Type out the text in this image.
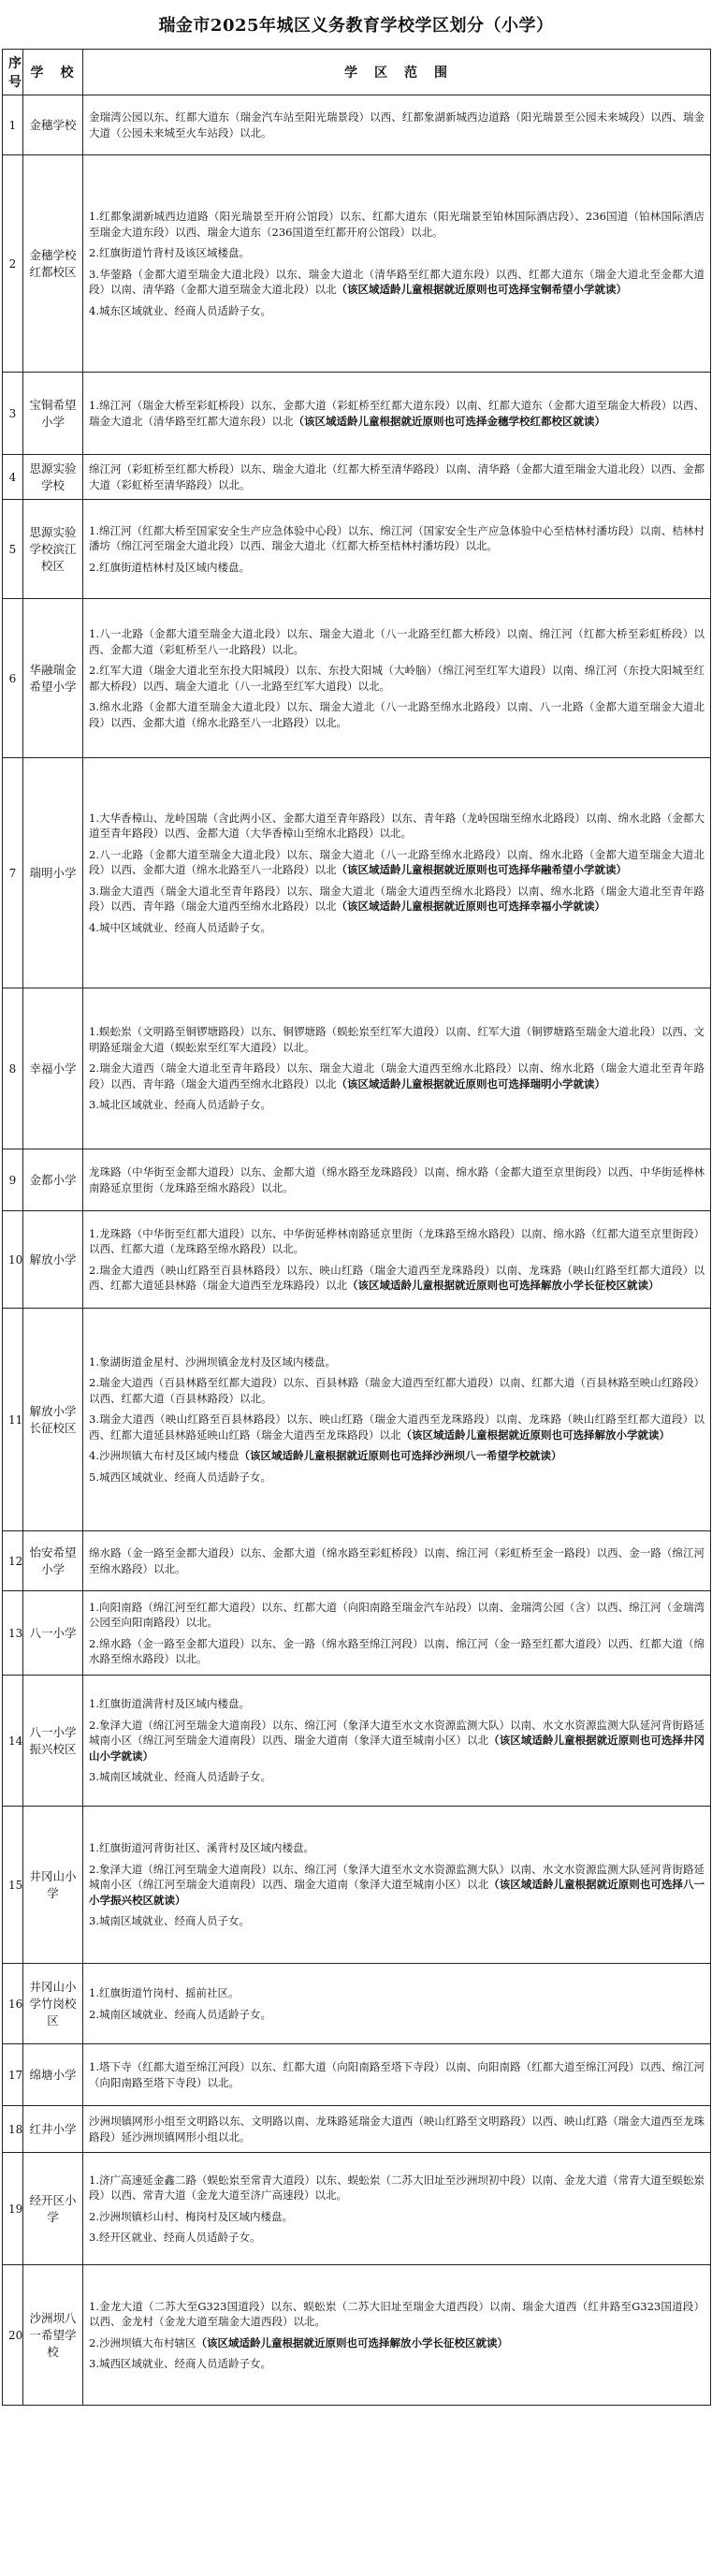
瑞金市2025年城区义务教育学校学区划分（小学）
序号	学　校	学　区　范　围
1	金穗学校	金瑞湾公园以东、红都大道东（瑞金汽车站至阳光瑞景段）以西、红都象湖新城西边道路（阳光瑞景至公园未来城段）以西、瑞金大道（公园未来城至火车站段）以北。

2	金穗学校红都校区	1.红都象湖新城西边道路（阳光瑞景至开府公馆段）以东、红都大道东（阳光瑞景至铂林国际酒店段）、236国道（铂林国际酒店至瑞金大道东段）以西、瑞金大道东（236国道至红都开府公馆段）以北。

2.红旗街道竹背村及该区域楼盘。

3.华蓥路（金都大道至瑞金大道北段）以东、瑞金大道北（清华路至红都大道东段）以西、红都大道东（瑞金大道北至金都大道段）以南、清华路（金都大道至瑞金大道北段）以北（该区域适龄儿童根据就近原则也可选择宝铜希望小学就读）

4.城东区域就业、经商人员适龄子女。

3	宝铜希望小学	1.绵江河（瑞金大桥至彩虹桥段）以东、金都大道（彩虹桥至红都大道东段）以南、红都大道东（金都大道至瑞金大桥段）以西、瑞金大道北（清华路至红都大道东段）以北（该区域适龄儿童根据就近原则也可选择金穗学校红都校区就读）

4	思源实验学校	绵江河（彩虹桥至红都大桥段）以东、瑞金大道北（红都大桥至清华路段）以南、清华路（金都大道至瑞金大道北段）以西、金都大道（彩虹桥至清华路段）以北。

5	思源实验学校滨江校区	1.绵江河（红都大桥至国家安全生产应急体验中心段）以东、绵江河（国家安全生产应急体验中心至桔林村潘坊段）以南、桔林村潘坊（绵江河至瑞金大道北段）以西、瑞金大道北（红都大桥至桔林村潘坊段）以北。

2.红旗街道桔林村及区域内楼盘。

6	华融瑞金希望小学	1.八一北路（金都大道至瑞金大道北段）以东、瑞金大道北（八一北路至红都大桥段）以南、绵江河（红都大桥至彩虹桥段）以西、金都大道（彩虹桥至八一北路段）以北。

2.红军大道（瑞金大道北至东投大阳城段）以东、东投大阳城（大岭脑）（绵江河至红军大道段）以南、绵江河（东投大阳城至红都大桥段）以西、瑞金大道北（八一北路至红军大道段）以北。

3.绵水北路（金都大道至瑞金大道北段）以东、瑞金大道北（八一北路至绵水北路段）以南、八一北路（金都大道至瑞金大道北段）以西、金都大道（绵水北路至八一北路段）以北。

7	瑞明小学	1.大华香樟山、龙岭国瑞（含此两小区、金都大道至青年路段）以东、青年路（龙岭国瑞至绵水北路段）以南、绵水北路（金都大道至青年路段）以西、金都大道（大华香樟山至绵水北路段）以北。

2.八一北路（金都大道至瑞金大道北段）以东、瑞金大道北（八一北路至绵水北路段）以南、绵水北路（金都大道至瑞金大道北段）以西、金都大道（绵水北路至八一北路段）以北（该区域适龄儿童根据就近原则也可选择华融希望小学就读）

3.瑞金大道西（瑞金大道北至青年路段）以东、瑞金大道北（瑞金大道西至绵水北路段）以南、绵水北路（瑞金大道北至青年路段）以西、青年路（瑞金大道西至绵水北路段）以北（该区域适龄儿童根据就近原则也可选择幸福小学就读）

4.城中区域就业、经商人员适龄子女。

8	幸福小学	1.蜈蚣岽（文明路至铜锣塘路段）以东、铜锣塘路（蜈蚣岽至红军大道段）以南、红军大道（铜锣塘路至瑞金大道北段）以西、文明路延瑞金大道（蜈蚣岽至红军大道段）以北。

2.瑞金大道西（瑞金大道北至青年路段）以东、瑞金大道北（瑞金大道西至绵水北路段）以南、绵水北路（瑞金大道北至青年路段）以西、青年路（瑞金大道西至绵水北路段）以北（该区域适龄儿童根据就近原则也可选择瑞明小学就读）

3.城北区域就业、经商人员适龄子女。

9	金都小学	龙珠路（中华街至金都大道段）以东、金都大道（绵水路至龙珠路段）以南、绵水路（金都大道至京里街段）以西、中华街延桦林南路延京里街（龙珠路至绵水路段）以北。

10	解放小学	1.龙珠路（中华街至红都大道段）以东、中华街延桦林南路延京里街（龙珠路至绵水路段）以南、绵水路（红都大道至京里街段）以西、红都大道（龙珠路至绵水路段）以北。

2.瑞金大道西（映山红路至百县林路段）以东、映山红路（瑞金大道西至龙珠路段）以南、龙珠路（映山红路至红都大道段）以西、红都大道延县林路（瑞金大道西至龙珠路段）以北（该区域适龄儿童根据就近原则也可选择解放小学长征校区就读）

11	解放小学长征校区	1.象湖街道金星村、沙洲坝镇金龙村及区域内楼盘。

2.瑞金大道西（百县林路至红都大道段）以东、百县林路（瑞金大道西至红都大道段）以南、红都大道（百县林路至映山红路段）以西、红都大道（百县林路段）以北。

3.瑞金大道西（映山红路至百县林路段）以东、映山红路（瑞金大道西至龙珠路段）以南、龙珠路（映山红路至红都大道段）以西、红都大道延县林路延映山红路（瑞金大道西至龙珠路段）以北（该区域适龄儿童根据就近原则也可选择解放小学就读）

4.沙洲坝镇大布村及区域内楼盘（该区域适龄儿童根据就近原则也可选择沙洲坝八一希望学校就读）

5.城西区域就业、经商人员适龄子女。

12	怡安希望小学	绵水路（金一路至金都大道段）以东、金都大道（绵水路至彩虹桥段）以南、绵江河（彩虹桥至金一路段）以西、金一路（绵江河至绵水路段）以北。

13	八一小学	1.向阳南路（绵江河至红都大道段）以东、红都大道（向阳南路至瑞金汽车站段）以南、金瑞湾公园（含）以西、绵江河（金瑞湾公园至向阳南路段）以北。

2.绵水路（金一路至金都大道段）以东、金一路（绵水路至绵江河段）以南、绵江河（金一路至红都大道段）以西、红都大道（绵水路至绵水路段）以北。

14	八一小学振兴校区	1.红旗街道满背村及区域内楼盘。

2.象泽大道（绵江河至瑞金大道南段）以东、绵江河（象泽大道至水文水资源监测大队）以南、水文水资源监测大队延河背街路延城南小区（绵江河至瑞金大道南段）以西、瑞金大道南（象泽大道至城南小区）以北（该区域适龄儿童根据就近原则也可选择井冈山小学就读）

3.城南区域就业、经商人员适龄子女。

15	井冈山小学	1.红旗街道河背街社区、溪背村及区域内楼盘。

2.象泽大道（绵江河至瑞金大道南段）以东、绵江河（象泽大道至水文水资源监测大队）以南、水文水资源监测大队延河背街路延城南小区（绵江河至瑞金大道南段）以西、瑞金大道南（象泽大道至城南小区）以北（该区域适龄儿童根据就近原则也可选择八一小学振兴校区就读）

3.城南区域就业、经商人员子女。

16	井冈山小学竹岗校区	1.红旗街道竹岗村、摇前社区。

2.城南区域就业、经商人员适龄子女。

17	绵塘小学	1.塔下寺（红都大道至绵江河段）以东、红都大道（向阳南路至塔下寺段）以南、向阳南路（红都大道至绵江河段）以西、绵江河（向阳南路至塔下寺段）以北。

18	红井小学	沙洲坝镇网形小组至文明路以东、文明路以南、龙珠路延瑞金大道西（映山红路至文明路段）以西、映山红路（瑞金大道西至龙珠路段）延沙洲坝镇网形小组以北。

19	经开区小学	1.济广高速延金鑫二路（蜈蚣岽至常青大道段）以东、蜈蚣岽（二苏大旧址至沙洲坝初中段）以南、金龙大道（常青大道至蜈蚣岽段）以西、常青大道（金龙大道至济广高速段）以北。

2.沙洲坝镇杉山村、梅岗村及区域内楼盘。

3.经开区就业、经商人员适龄子女。

20	沙洲坝八一希望学校	1.金龙大道（二苏大至G323国道段）以东、蜈蚣岽（二苏大旧址至瑞金大道西段）以南、瑞金大道西（红井路至G323国道段）以西、金龙村（金龙大道至瑞金大道西段）以北。

2.沙洲坝镇大布村辖区（该区域适龄儿童根据就近原则也可选择解放小学长征校区就读）

3.城西区域就业、经商人员适龄子女。
